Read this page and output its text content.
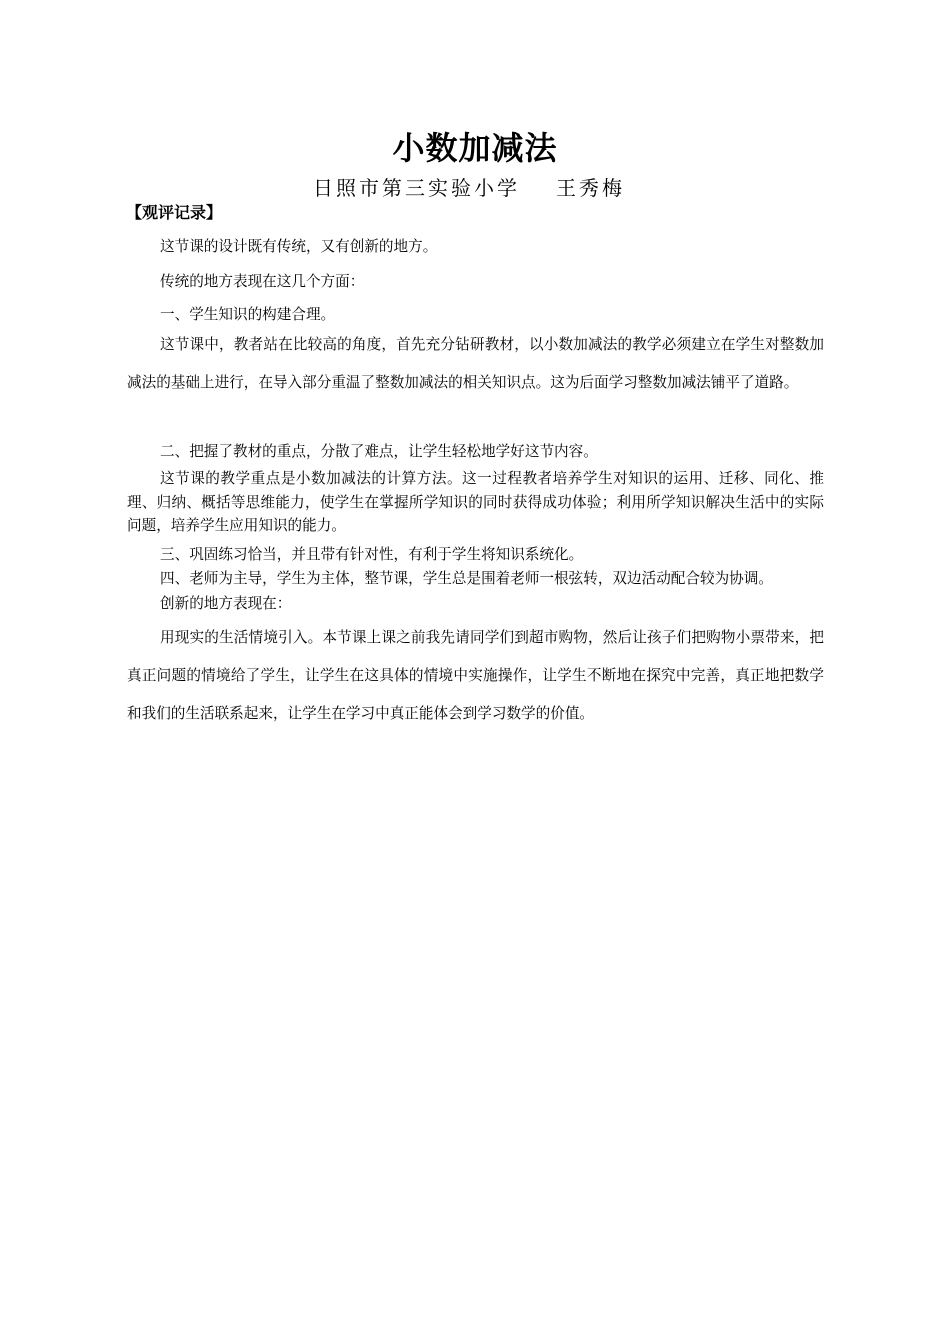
小数加减法
日照市第三实验小学 王秀梅
【观评记录】

这节课的设计既有传统，又有创新的地方。

传统的地方表现在这几个方面：

一、学生知识的构建合理。

这节课中，教者站在比较高的角度，首先充分钻研教材，以小数加减法的教学必须建立在学生对整数加减法的基础上进行，在导入部分重温了整数加减法的相关知识点。这为后面学习整数加减法铺平了道路。

二、把握了教材的重点，分散了难点，让学生轻松地学好这节内容。

这节课的教学重点是小数加减法的计算方法。这一过程教者培养学生对知识的运用、迁移、同化、推理、归纳、概括等思维能力，使学生在掌握所学知识的同时获得成功体验；利用所学知识解决生活中的实际问题，培养学生应用知识的能力。

三、巩固练习恰当，并且带有针对性，有利于学生将知识系统化。

四、老师为主导，学生为主体，整节课，学生总是围着老师一根弦转，双边活动配合较为协调。

创新的地方表现在：

用现实的生活情境引入。本节课上课之前我先请同学们到超市购物，然后让孩子们把购物小票带来，把真正问题的情境给了学生，让学生在这具体的情境中实施操作，让学生不断地在探究中完善，真正地把数学和我们的生活联系起来，让学生在学习中真正能体会到学习数学的价值。
